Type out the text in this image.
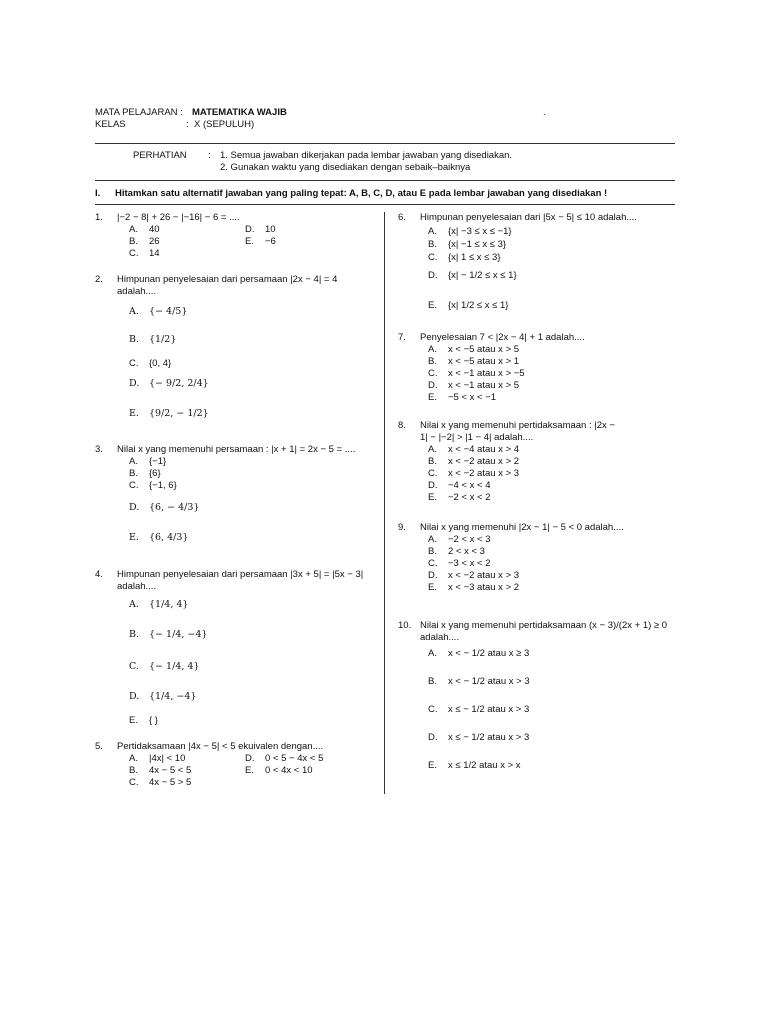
MATA PELAJARAN : MATEMATIKA WAJIB	.
KELAS	: X (SEPULUH)
PERHATIAN : 1. Semua jawaban dikerjakan pada lembar jawaban yang disediakan.
2. Gunakan waktu yang disediakan dengan sebaik–baiknya
I. Hitamkan satu alternatif jawaban yang paling tepat: A, B, C, D, atau E pada lembar jawaban yang disediakan !
1. |−2 − 8| + 26 − |−16| − 6 = ....
A. 40
B. 26
C. 14
D. 10
E. −6
2. Himpunan penyelesaian dari persamaan |2x − 4| = 4 adalah....
A. {− 4/5}
B. {1/2}
C. {0, 4}
D. {− 9/2, 2/4}
E. {9/2, − 1/2}
3. Nilai x yang memenuhi persamaan : |x + 1| = 2x − 5 = ....
A. {−1}
B. {6}
C. {−1, 6}
D. {6, − 4/3}
E. {6, 4/3}
4. Himpunan penyelesaian dari persamaan |3x + 5| = |5x − 3| adalah....
A. {1/4, 4}
B. {− 1/4, −4}
C. {− 1/4, 4}
D. {1/4, −4}
E. { }
5. Pertidaksamaan |4x − 5| < 5 ekuivalen dengan....
A. |4x| < 10
B. 4x − 5 < 5
C. 4x − 5 > 5
D. 0 < 5 − 4x < 5
E. 0 < 4x < 10
6. Himpunan penyelesaian dari |5x − 5| ≤ 10 adalah....
A. {x| −3 ≤ x ≤ −1}
B. {x| −1 ≤ x ≤ 3}
C. {x| 1 ≤ x ≤ 3}
D. {x| − 1/2 ≤ x ≤ 1}
E. {x| 1/2 ≤ x ≤ 1}
7. Penyelesaian 7 < |2x − 4| + 1 adalah....
A. x < −5 atau x > 5
B. x < −5 atau x > 1
C. x < −1 atau x > −5
D. x < −1 atau x > 5
E. −5 < x < −1
8. Nilai x yang memenuhi pertidaksamaan : |2x − 1| − |−2| > |1 − 4| adalah....
A. x < −4 atau x > 4
B. x < −2 atau x > 2
C. x < −2 atau x > 3
D. −4 < x < 4
E. −2 < x < 2
9. Nilai x yang memenuhi |2x − 1| − 5 < 0 adalah....
A. −2 < x < 3
B. 2 < x < 3
C. −3 < x < 2
D. x < −2 atau x > 3
E. x < −3 atau x > 2
10. Nilai x yang memenuhi pertidaksamaan (x − 3)/(2x + 1) ≥ 0 adalah....
A. x < − 1/2 atau x ≥ 3
B. x < − 1/2 atau x > 3
C. x ≤ − 1/2 atau x > 3
D. x ≤ − 1/2 atau x > 3
E. x ≤ 1/2 atau x > x
